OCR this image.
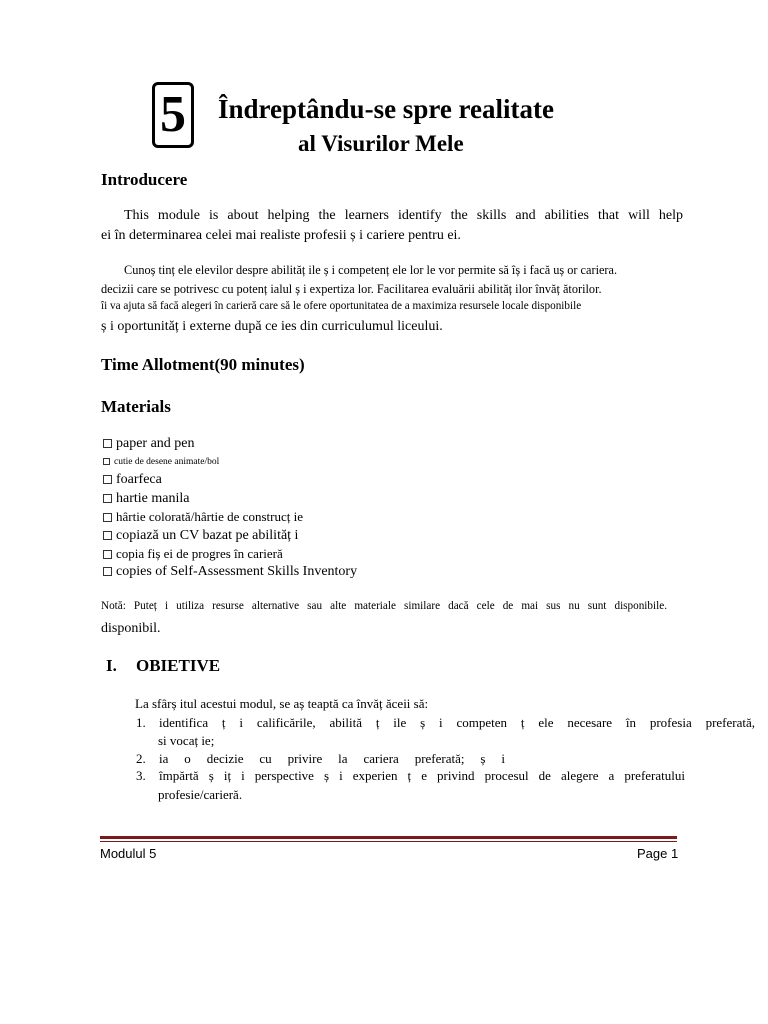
5 Îndreptându-se spre realitate
al Visurilor Mele
Introducere
This module is about helping the learners identify the skills and abilities that will help
ei în determinarea celei mai realiste profesii ș i cariere pentru ei.
Cunoș tinț ele elevilor despre abilităț ile ș i competenț ele lor le vor permite să îș i facă uș or cariera.
decizii care se potrivesc cu potenț ialul ș i expertiza lor. Facilitarea evaluării abilităț ilor învăț ătorilor.
îi va ajuta să facă alegeri în carieră care să le ofere oportunitatea de a maximiza resursele locale disponibile
ș i oportunităț i externe după ce ies din curriculumul liceului.
Time Allotment(90 minutes)
Materials
paper and pen
cutie de desene animate/bol
foarfeca
hartie manila
hârtie colorată/hârtie de construcț ie
copiază un CV bazat pe abilităț i
copia fiș ei de progres în carieră
copies of Self-Assessment Skills Inventory
Notă: Puteț i utiliza resurse alternative sau alte materiale similare dacă cele de mai sus nu sunt disponibile.
disponibil.
I. OBIETIVE
La sfârș itul acestui modul, se aș teaptă ca învăț ăceii să:
1. identifica ț i calificările, abilită ț ile ș i competen ț ele necesare în profesia preferată,
si vocaț ie;
2. ia o decizie cu privire la cariera preferată; ș i
3. împărtă ș iț i perspective ș i experien ț e privind procesul de alegere a preferatului
profesie/carieră.
Modulul 5	Page 1
